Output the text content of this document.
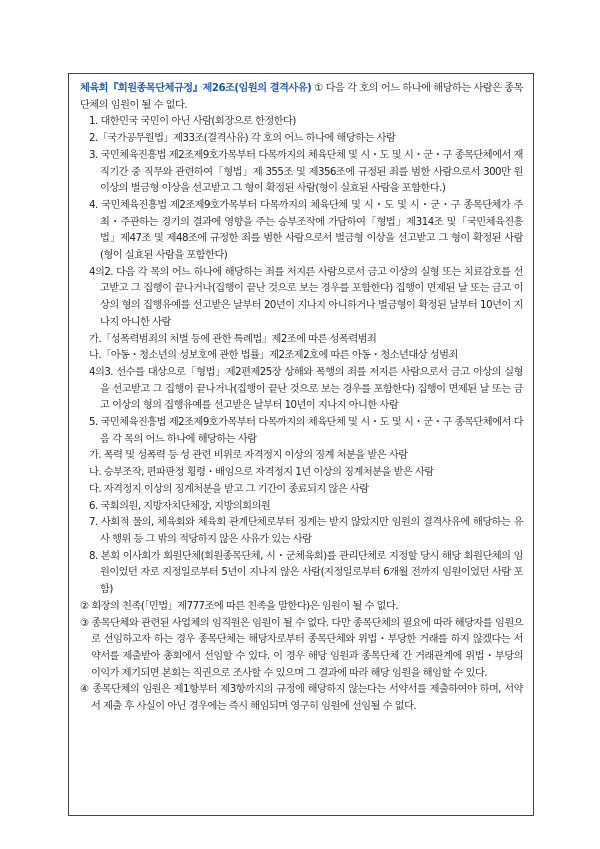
체육회『회원종목단체규정』제26조(임원의 결격사유) ① 다음 각 호의 어느 하나에 해당하는 사람은 종목단체의 임원이 될 수 없다.
1. 대한민국 국민이 아닌 사람(회장으로 한정한다)
2.「국가공무원법」제33조(결격사유) 각 호의 어느 하나에 해당하는 사람
3. 국민체육진흥법 제2조제9호가목부터 다목까지의 체육단체 및 시・도 및 시・군・구 종목단체에서 재직기간 중 직무와 관련하여「형법」제 355조 및 제356조에 규정된 죄를 범한 사람으로서 300만 원 이상의 벌금형 이상을 선고받고 그 형이 확정된 사람(형이 실효된 사람을 포함한다.)
4. 국민체육진흥법 제2조제9호가목부터 다목까지의 체육단체 및 시・도 및 시・군・구 종목단체가 주최・주관하는 경기의 결과에 영향을 주는 승부조작에 가담하여「형법」제314조 및「국민체육진흥법」제47조 및 제48조에 규정한 죄를 범한 사람으로서 벌금형 이상을 선고받고 그 형이 확정된 사람(형이 실효된 사람을 포함한다)
4의2. 다음 각 목의 어느 하나에 해당하는 죄를 저지른 사람으로서 금고 이상의 실형 또는 치료감호를 선고받고 그 집행이 끝나거나(집행이 끝난 것으로 보는 경우를 포함한다) 집행이 면제된 날 또는 금고 이상의 형의 집행유예를 선고받은 날부터 20년이 지나지 아니하거나 벌금형이 확정된 날부터 10년이 지나지 아니한 사람
가.「성폭력범죄의 처벌 등에 관한 특례법」제2조에 따른 성폭력범죄
나.「아동・청소년의 성보호에 관한 법률」제2조제2호에 따른 아동・청소년대상 성범죄
4의3. 선수를 대상으로「형법」제2편제25장 상해와 폭행의 죄를 저지른 사람으로서 금고 이상의 실형을 선고받고 그 집행이 끝나거나(집행이 끝난 것으로 보는 경우를 포함한다) 집행이 면제된 날 또는 금고 이상의 형의 집행유예를 선고받은 날부터 10년이 지나지 아니한 사람
5. 국민체육진흥법 제2조제9호가목부터 다목까지의 체육단체 및 시・도 및 시・군・구 종목단체에서 다음 각 목의 어느 하나에 해당하는 사람
가. 폭력 및 성폭력 등 성 관련 비위로 자격정지 이상의 징계 처분을 받은 사람
나. 승부조작, 편파판정 횡령・배임으로 자격정지 1년 이상의 징계처분을 받은 사람
다. 자격정지 이상의 징계처분을 받고 그 기간이 종료되지 않은 사람
6. 국회의원, 지방자치단체장, 지방의회의원
7. 사회적 물의, 체육회와 체육회 관계단체로부터 징계는 받지 않았지만 임원의 결격사유에 해당하는 유사 행위 등 그 밖의 적당하지 않은 사유가 있는 사람
8. 본회 이사회가 회원단체(회원종목단체, 시・군체육회)를 관리단체로 지정할 당시 해당 회원단체의 임원이었던 자로 지정일로부터 5년이 지나지 않은 사람(지정일로부터 6개월 전까지 임원이었던 사람 포함)
② 회장의 친족(「민법」제777조에 따른 친족을 말한다)은 임원이 될 수 없다.
③ 종목단체와 관련된 사업체의 임직원은 임원이 될 수 없다. 다만 종목단체의 필요에 따라 해당자를 임원으로 선임하고자 하는 경우 종목단체는 해당자로부터 종목단체와 위법・부당한 거래를 하지 않겠다는 서약서를 제출받아 총회에서 선임할 수 있다. 이 경우 해당 임원과 종목단체 간 거래관계에 위법・부당의 이익가 제기되면 본회는 직권으로 조사할 수 있으며 그 결과에 따라 해당 임원을 해임할 수 있다.
④ 종목단체의 임원은 제1항부터 제3항까지의 규정에 해당하지 않는다는 서약서를 제출하여야 하며, 서약서 제출 후 사실이 아닌 경우에는 즉시 해임되며 영구히 임원에 선임될 수 없다.
